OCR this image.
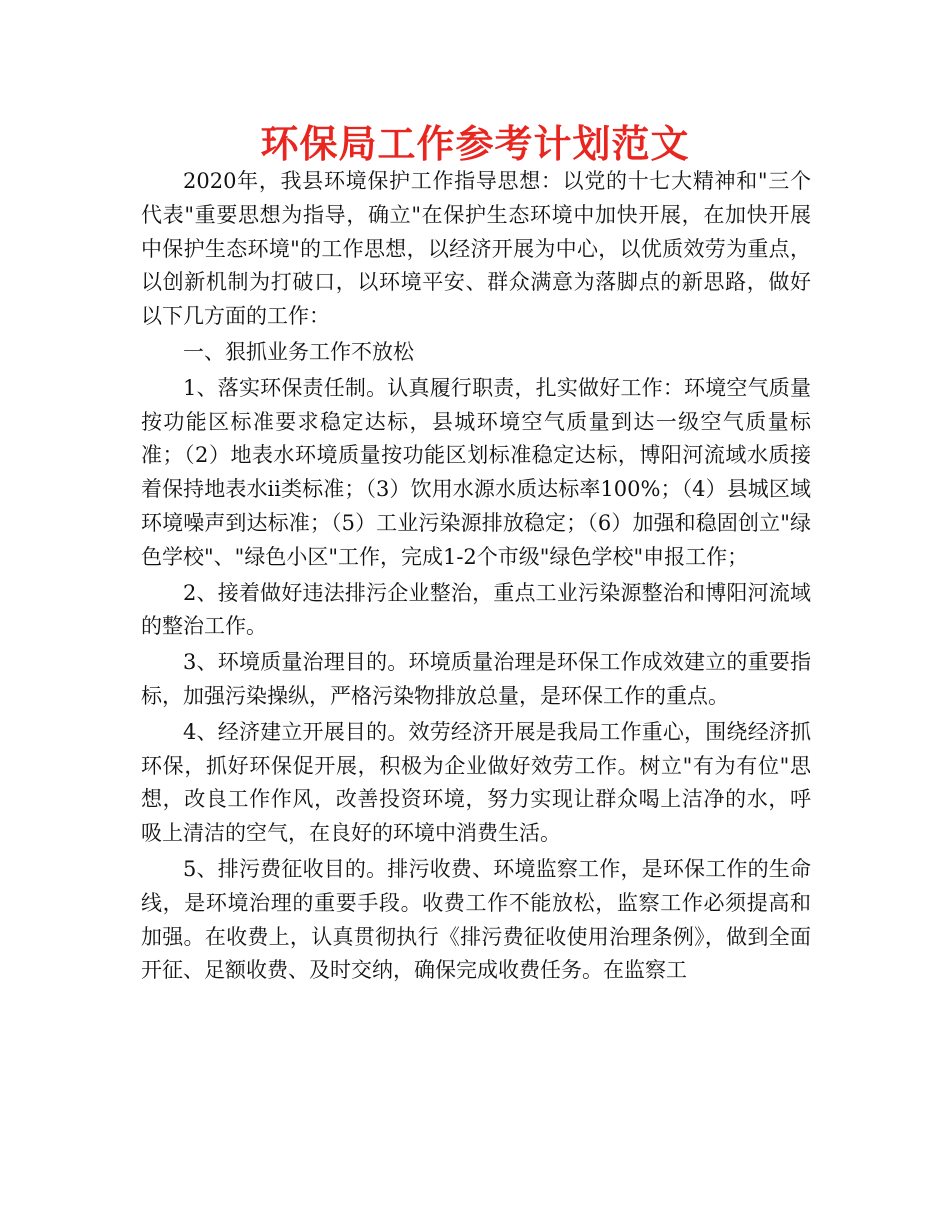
环保局工作参考计划范文

2020年，我县环境保护工作指导思想：以党的十七大精神和"三个代表"重要思想为指导，确立"在保护生态环境中加快开展，在加快开展中保护生态环境"的工作思想，以经济开展为中心，以优质效劳为重点，以创新机制为打破口，以环境平安、群众满意为落脚点的新思路，做好以下几方面的工作：

一、狠抓业务工作不放松

1、落实环保责任制。认真履行职责，扎实做好工作：环境空气质量按功能区标准要求稳定达标，县城环境空气质量到达一级空气质量标准；（2）地表水环境质量按功能区划标准稳定达标，博阳河流域水质接着保持地表水ii类标准；（3）饮用水源水质达标率100%；（4）县城区域环境噪声到达标准；（5）工业污染源排放稳定；（6）加强和稳固创立"绿色学校"、"绿色小区"工作，完成1-2个市级"绿色学校"申报工作；

2、接着做好违法排污企业整治，重点工业污染源整治和博阳河流域的整治工作。

3、环境质量治理目的。环境质量治理是环保工作成效建立的重要指标，加强污染操纵，严格污染物排放总量，是环保工作的重点。

4、经济建立开展目的。效劳经济开展是我局工作重心，围绕经济抓环保，抓好环保促开展，积极为企业做好效劳工作。树立"有为有位"思想，改良工作作风，改善投资环境，努力实现让群众喝上洁净的水，呼吸上清洁的空气，在良好的环境中消费生活。

5、排污费征收目的。排污收费、环境监察工作，是环保工作的生命线，是环境治理的重要手段。收费工作不能放松，监察工作必须提高和加强。在收费上，认真贯彻执行《排污费征收使用治理条例》，做到全面开征、足额收费、及时交纳，确保完成收费任务。在监察工
